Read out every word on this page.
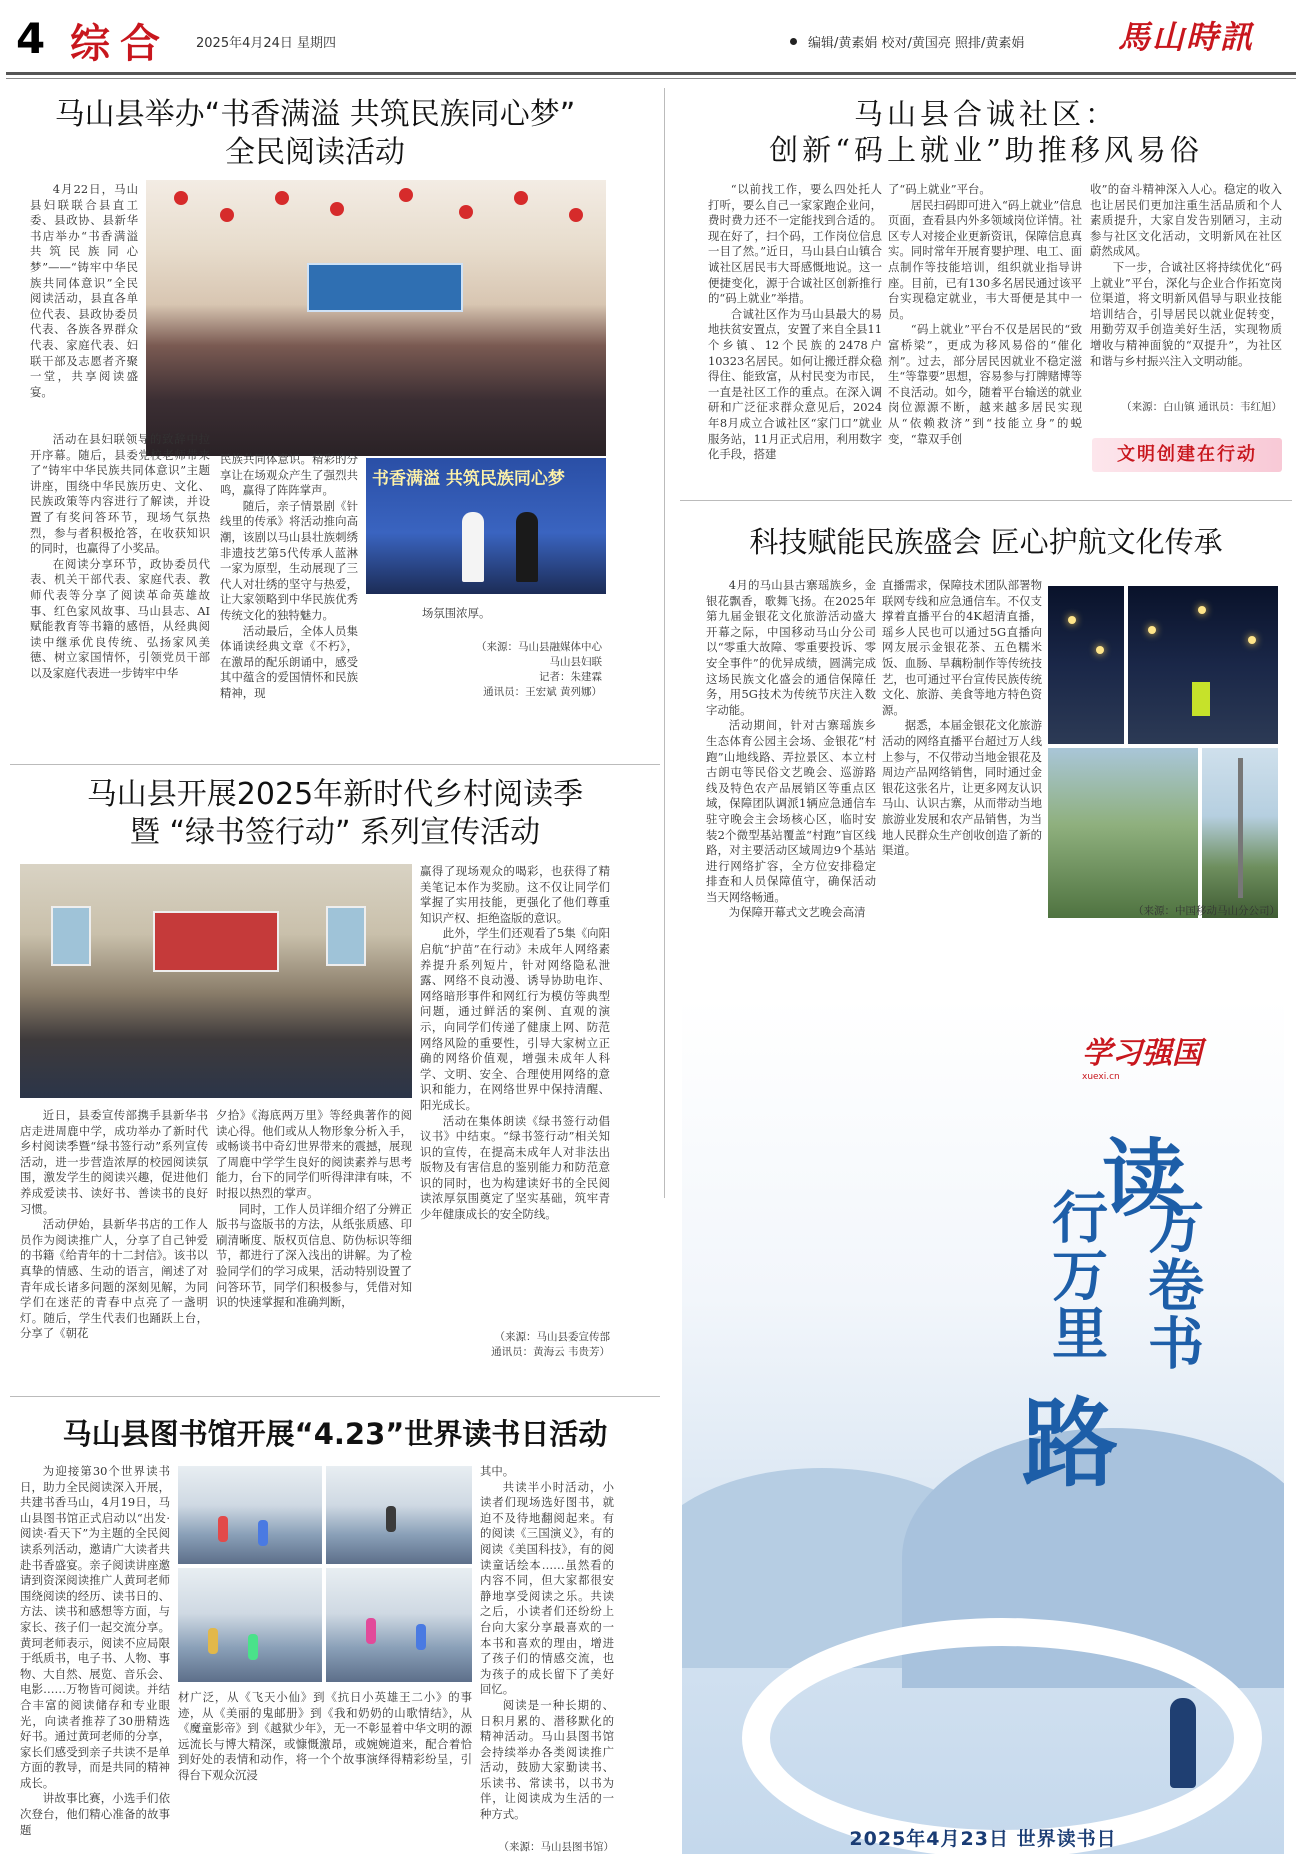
4 综合 2025年4月24日 星期四	编辑/黄素娟 校对/黄国亮 照排/黄素娟	馬山時訊
马山县举办“书香满溢 共筑民族同心梦”
全民阅读活动

4月22日，马山县妇联联合县直工委、县政协、县新华书店举办“书香满溢 共筑民族同心梦”——“铸牢中华民族共同体意识”全民阅读活动，县直各单位代表、县政协委员代表、各族各界群众代表、家庭代表、妇联干部及志愿者齐聚一堂，共享阅读盛宴。

活动在县妇联领导的致辞中拉开序幕。随后，县委党校老师带来了“铸牢中华民族共同体意识”主题讲座，围绕中华民族历史、文化、民族政策等内容进行了解读，并设置了有奖问答环节，现场气氛热烈，参与者积极抢答，在收获知识的同时，也赢得了小奖品。

在阅读分享环节，政协委员代表、机关干部代表、家庭代表、教师代表等分享了阅读革命英雄故事、红色家风故事、马山县志、AI赋能教育等书籍的感悟，从经典阅读中继承优良传统、弘扬家风美德、树立家国情怀，引领党员干部以及家庭代表进一步铸牢中华

民族共同体意识。精彩的分享让在场观众产生了强烈共鸣，赢得了阵阵掌声。

随后，亲子情景剧《针线里的传承》将活动推向高潮，该剧以马山县壮族刺绣非遗技艺第5代传承人蓝淋一家为原型，生动展现了三代人对壮绣的坚守与热爱，让大家领略到中华民族优秀传统文化的独特魅力。

活动最后，全体人员集体诵读经典文章《不朽》，在激昂的配乐朗诵中，感受其中蕴含的爱国情怀和民族精神，现

书香满溢 共筑民族同心梦

场氛围浓厚。

（来源：马山县融媒体中心
马山县妇联
记者：朱建霖
通讯员：王宏斌 黄列娜）
马山县合诚社区：
创新“码上就业”助推移风易俗

“以前找工作，要么四处托人打听，要么自己一家家跑企业问，费时费力还不一定能找到合适的。现在好了，扫个码，工作岗位信息一目了然。”近日，马山县白山镇合诚社区居民韦大哥感慨地说。这一便捷变化，源于合诚社区创新推行的“码上就业”举措。

合诚社区作为马山县最大的易地扶贫安置点，安置了来自全县11个乡镇、12个民族的2478户10323名居民。如何让搬迁群众稳得住、能致富，从村民变为市民，一直是社区工作的重点。在深入调研和广泛征求群众意见后，2024年8月成立合诚社区“家门口”就业服务站，11月正式启用，利用数字化手段，搭建

了“码上就业”平台。

居民扫码即可进入“码上就业”信息页面，查看县内外多领域岗位详情。社区专人对接企业更新资讯，保障信息真实。同时常年开展育婴护理、电工、面点制作等技能培训，组织就业指导讲座。目前，已有130多名居民通过该平台实现稳定就业，韦大哥便是其中一员。

“码上就业”平台不仅是居民的“致富桥梁”，更成为移风易俗的“催化剂”。过去，部分居民因就业不稳定滋生“等靠要”思想，容易参与打牌赌博等不良活动。如今，随着平台输送的就业岗位源源不断，越来越多居民实现从“依赖救济”到“技能立身”的蜕变，“靠双手创

收”的奋斗精神深入人心。稳定的收入也让居民们更加注重生活品质和个人素质提升，大家自发告别陋习，主动参与社区文化活动，文明新风在社区蔚然成风。

下一步，合诚社区将持续优化“码上就业”平台，深化与企业合作拓宽岗位渠道，将文明新风倡导与职业技能培训结合，引导居民以就业促转变，用勤劳双手创造美好生活，实现物质增收与精神面貌的“双提升”，为社区和谐与乡村振兴注入文明动能。

（来源：白山镇 通讯员：韦红旭）
文明创建在行动
科技赋能民族盛会 匠心护航文化传承

4月的马山县古寨瑶族乡，金银花飘香，歌舞飞扬。在2025年第九届金银花文化旅游活动盛大开幕之际，中国移动马山分公司以“零重大故障、零重要投诉、零安全事件”的优异成绩，圆满完成这场民族文化盛会的通信保障任务，用5G技术为传统节庆注入数字动能。

活动期间，针对古寨瑶族乡生态体育公园主会场、金银花“村跑”山地线路、弄拉景区、本立村古朗屯等民俗文艺晚会、巡游路线及特色农产品展销区等重点区域，保障团队调派1辆应急通信车驻守晚会主会场核心区，临时安装2个微型基站覆盖“村跑”盲区线路，对主要活动区域周边9个基站进行网络扩容，全方位安排稳定排查和人员保障值守，确保活动当天网络畅通。

为保障开幕式文艺晚会高清

直播需求，保障技术团队部署物联网专线和应急通信车。不仅支撑着直播平台的4K超清直播，瑶乡人民也可以通过5G直播向网友展示金银花茶、五色糯米饭、血肠、旱藕粉制作等传统技艺，也可通过平台宣传民族传统文化、旅游、美食等地方特色资源。

据悉，本届金银花文化旅游活动的网络直播平台超过万人线上参与，不仅带动当地金银花及周边产品网络销售，同时通过金银花这张名片，让更多网友认识马山、认识古寨，从而带动当地旅游业发展和农产品销售，为当地人民群众生产创收创造了新的渠道。

（来源：中国移动马山分公司）
马山县开展2025年新时代乡村阅读季
暨 “绿书签行动” 系列宣传活动

赢得了现场观众的喝彩，也获得了精美笔记本作为奖励。这不仅让同学们掌握了实用技能，更强化了他们尊重知识产权、拒绝盗版的意识。

此外，学生们还观看了5集《向阳启航“护苗”在行动》未成年人网络素养提升系列短片，针对网络隐私泄露、网络不良动漫、诱导协助电诈、网络暗形事件和网红行为模仿等典型问题，通过鲜活的案例、直观的演示，向同学们传递了健康上网、防范网络风险的重要性，引导大家树立正确的网络价值观，增强未成年人科学、文明、安全、合理使用网络的意识和能力，在网络世界中保持清醒、阳光成长。

活动在集体朗读《绿书签行动倡议书》中结束。“绿书签行动”相关知识的宣传，在提高未成年人对非法出版物及有害信息的鉴别能力和防范意识的同时，也为构建读好书的全民阅读浓厚氛围奠定了坚实基础，筑牢青少年健康成长的安全防线。

近日，县委宣传部携手县新华书店走进周鹿中学，成功举办了新时代乡村阅读季暨“绿书签行动”系列宣传活动，进一步营造浓厚的校园阅读氛围，激发学生的阅读兴趣，促进他们养成爱读书、读好书、善读书的良好习惯。

活动伊始，县新华书店的工作人员作为阅读推广人，分享了自己钟爱的书籍《给青年的十二封信》。该书以真挚的情感、生动的语言，阐述了对青年成长诸多问题的深刻见解，为同学们在迷茫的青春中点亮了一盏明灯。随后，学生代表们也踊跃上台，分享了《朝花

夕拾》《海底两万里》等经典著作的阅读心得。他们或从人物形象分析入手，或畅谈书中奇幻世界带来的震撼，展现了周鹿中学学生良好的阅读素养与思考能力，台下的同学们听得津津有味，不时报以热烈的掌声。

同时，工作人员详细介绍了分辨正版书与盗版书的方法，从纸张质感、印刷清晰度、版权页信息、防伪标识等细节，都进行了深入浅出的讲解。为了检验同学们的学习成果，活动特别设置了问答环节，同学们积极参与，凭借对知识的快速掌握和准确判断，

（来源：马山县委宣传部
通讯员：黄海云 韦贵芳）
马山县图书馆开展“4.23”世界读书日活动

为迎接第30个世界读书日，助力全民阅读深入开展，共建书香马山，4月19日，马山县图书馆正式启动以“出发·阅读·看天下”为主题的全民阅读系列活动，邀请广大读者共赴书香盛宴。亲子阅读讲座邀请到资深阅读推广人黄珂老师围绕阅读的经历、读书日的、方法、读书和感想等方面，与家长、孩子们一起交流分享。黄珂老师表示，阅读不应局限于纸质书，电子书、人物、事物、大自然、展览、音乐会、电影……万物皆可阅读。并结合丰富的阅读储存和专业眼光，向读者推荐了30册精选好书。通过黄珂老师的分享，家长们感受到亲子共读不是单方面的教导，而是共同的精神成长。

讲故事比赛，小选手们依次登台，他们精心准备的故事题

材广泛，从《飞天小仙》到《抗日小英雄王二小》的事迹，从《美丽的鬼邮册》到《我和奶奶的山歌情结》，从《魔童影帝》到《越狱少年》，无一不彰显着中华文明的源远流长与博大精深，或慷慨激昂，或婉婉道来，配合着恰到好处的表情和动作，将一个个故事演绎得精彩纷呈，引得台下观众沉浸

其中。

共读半小时活动，小读者们现场选好图书，就迫不及待地翻阅起来。有的阅读《三国演义》，有的阅读《美国科技》，有的阅读童话绘本……虽然看的内容不同，但大家都很安静地享受阅读之乐。共读之后，小读者们还纷纷上台向大家分享最喜欢的一本书和喜欢的理由，增进了孩子们的情感交流，也为孩子的成长留下了美好回忆。

阅读是一种长期的、日积月累的、潜移默化的精神活动。马山县图书馆会持续举办各类阅读推广活动，鼓励大家勤读书、乐读书、常读书，以书为伴，让阅读成为生活的一种方式。

（来源：马山县图书馆）
学习强国
xuexi.cn
读
万卷书
行万里
路
2025年4月23日 世界读书日
